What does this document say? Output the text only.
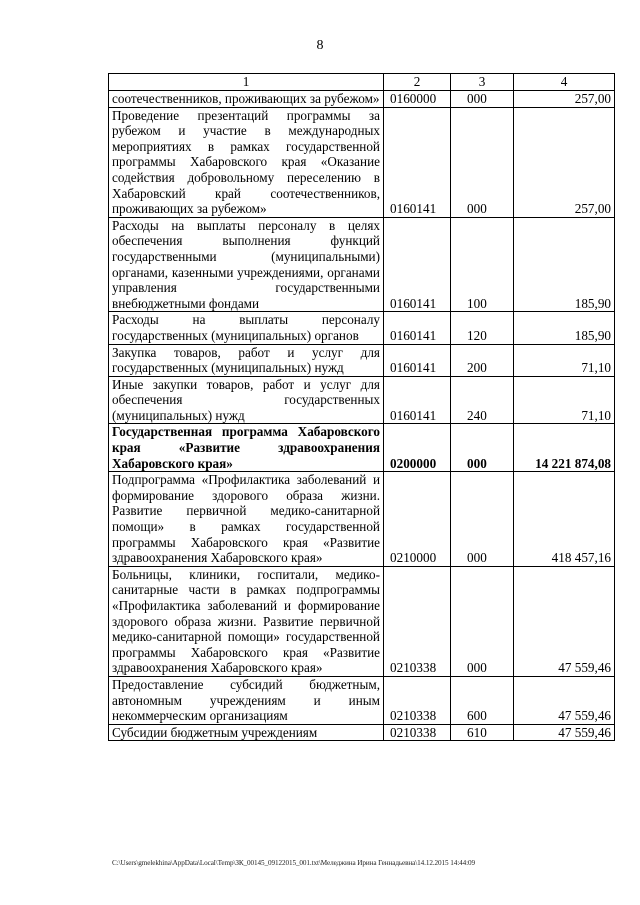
8
1	2	3	4
соотечественников, проживающих за рубежом»	0160000	000	257,00
Проведение презентаций программы за рубежом и участие в международных мероприятиях в рамках государственной программы Хабаровского края «Оказание содействия добровольному переселению в Хабаровский край соотечественников, проживающих за рубежом»	0160141	000	257,00
Расходы на выплаты персоналу в целях обеспечения выполнения функций государственными (муниципальными) органами, казенными учреждениями, органами управления государственными внебюджетными фондами	0160141	100	185,90
Расходы на выплаты персоналу государственных (муниципальных) органов	0160141	120	185,90
Закупка товаров, работ и услуг для государственных (муниципальных) нужд	0160141	200	71,10
Иные закупки товаров, работ и услуг для обеспечения государственных (муниципальных) нужд	0160141	240	71,10
Государственная программа Хабаровского края «Развитие здравоохранения Хабаровского края»	0200000	000	14 221 874,08
Подпрограмма «Профилактика заболеваний и формирование здорового образа жизни. Развитие первичной медико-санитарной помощи» в рамках государственной программы Хабаровского края «Развитие здравоохранения Хабаровского края»	0210000	000	418 457,16
Больницы, клиники, госпитали, медико-санитарные части в рамках подпрограммы «Профилактика заболеваний и формирование здорового образа жизни. Развитие первичной медико-санитарной помощи» государственной программы Хабаровского края «Развитие здравоохранения Хабаровского края»	0210338	000	47 559,46
Предоставление субсидий бюджетным, автономным учреждениям и иным некоммерческим организациям	0210338	600	47 559,46
Субсидии бюджетным учреждениям	0210338	610	47 559,46
C:\Users\gmelekhina\AppData\Local\Temp\ЗК_00145_09122015_001.txt\Меледжина Ирина Геннадьевна\14.12.2015 14:44:09
